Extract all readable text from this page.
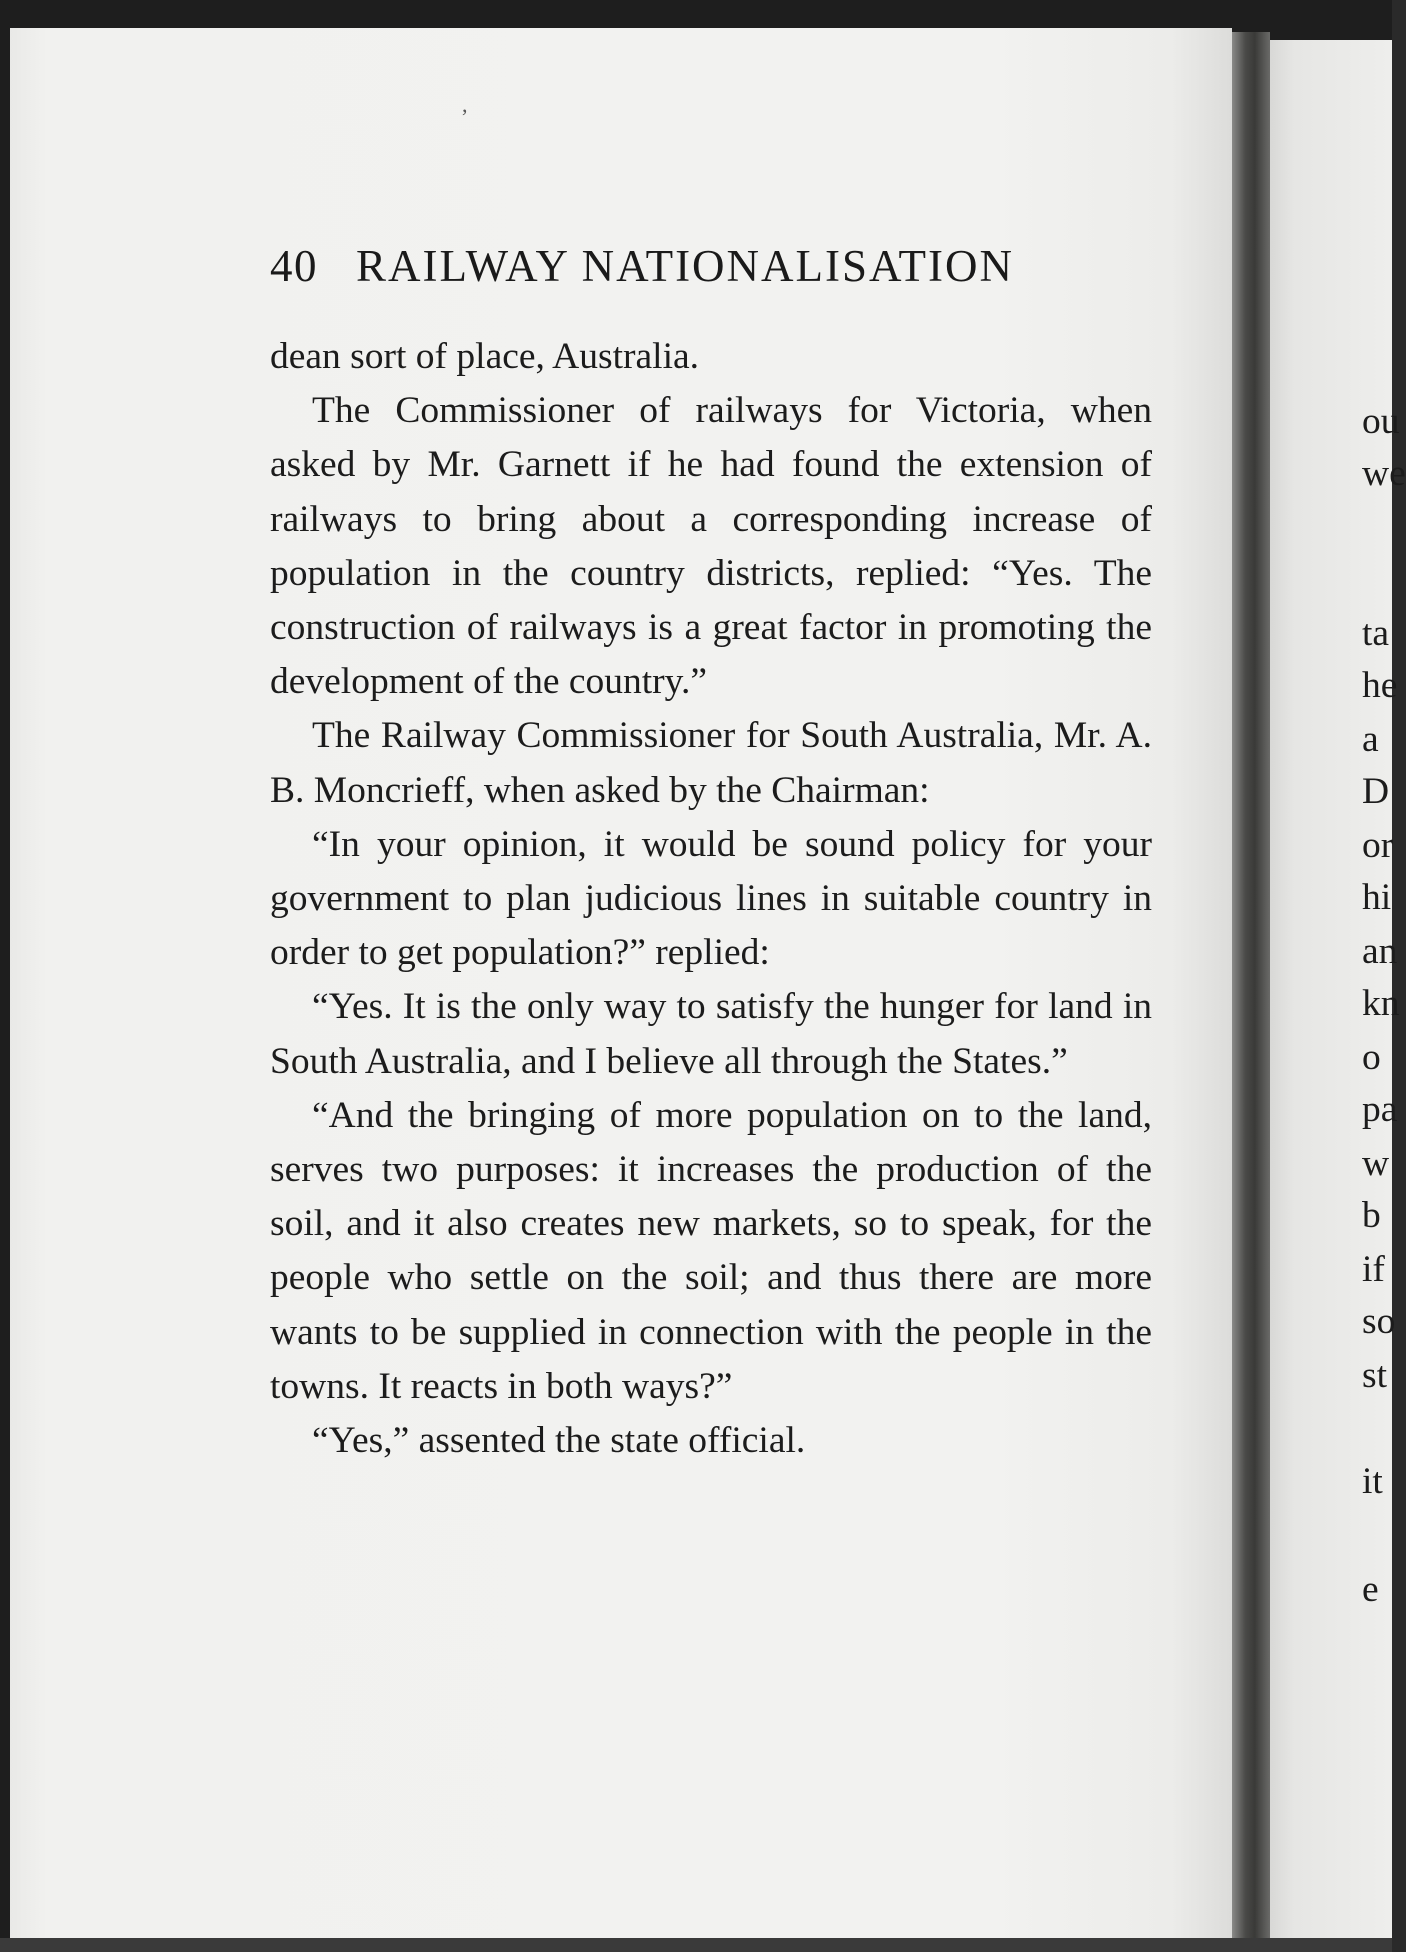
,
40 RAILWAY NATIONALISATION

dean sort of place, Australia.

The Commissioner of railways for Victoria, when asked by Mr. Garnett if he had found the extension of railways to bring about a corresponding increase of population in the country districts, replied: “Yes. The construction of railways is a great factor in promoting the development of the country.”

The Railway Commissioner for South Australia, Mr. A. B. Moncrieff, when asked by the Chairman:

“In your opinion, it would be sound policy for your government to plan judicious lines in suitable country in order to get population?” replied:

“Yes. It is the only way to satisfy the hunger for land in South Australia, and I believe all through the States.”

“And the bringing of more population on to the land, serves two purposes: it increases the production of the soil, and it also creates new markets, so to speak, for the people who settle on the soil; and thus there are more wants to be supplied in connection with the people in the towns. It reacts in both ways?”

“Yes,” assented the state official.

ou
we
ta
he
a
D
or
hi
an
kn
o
pa
w
b
if
so
st
it
e
